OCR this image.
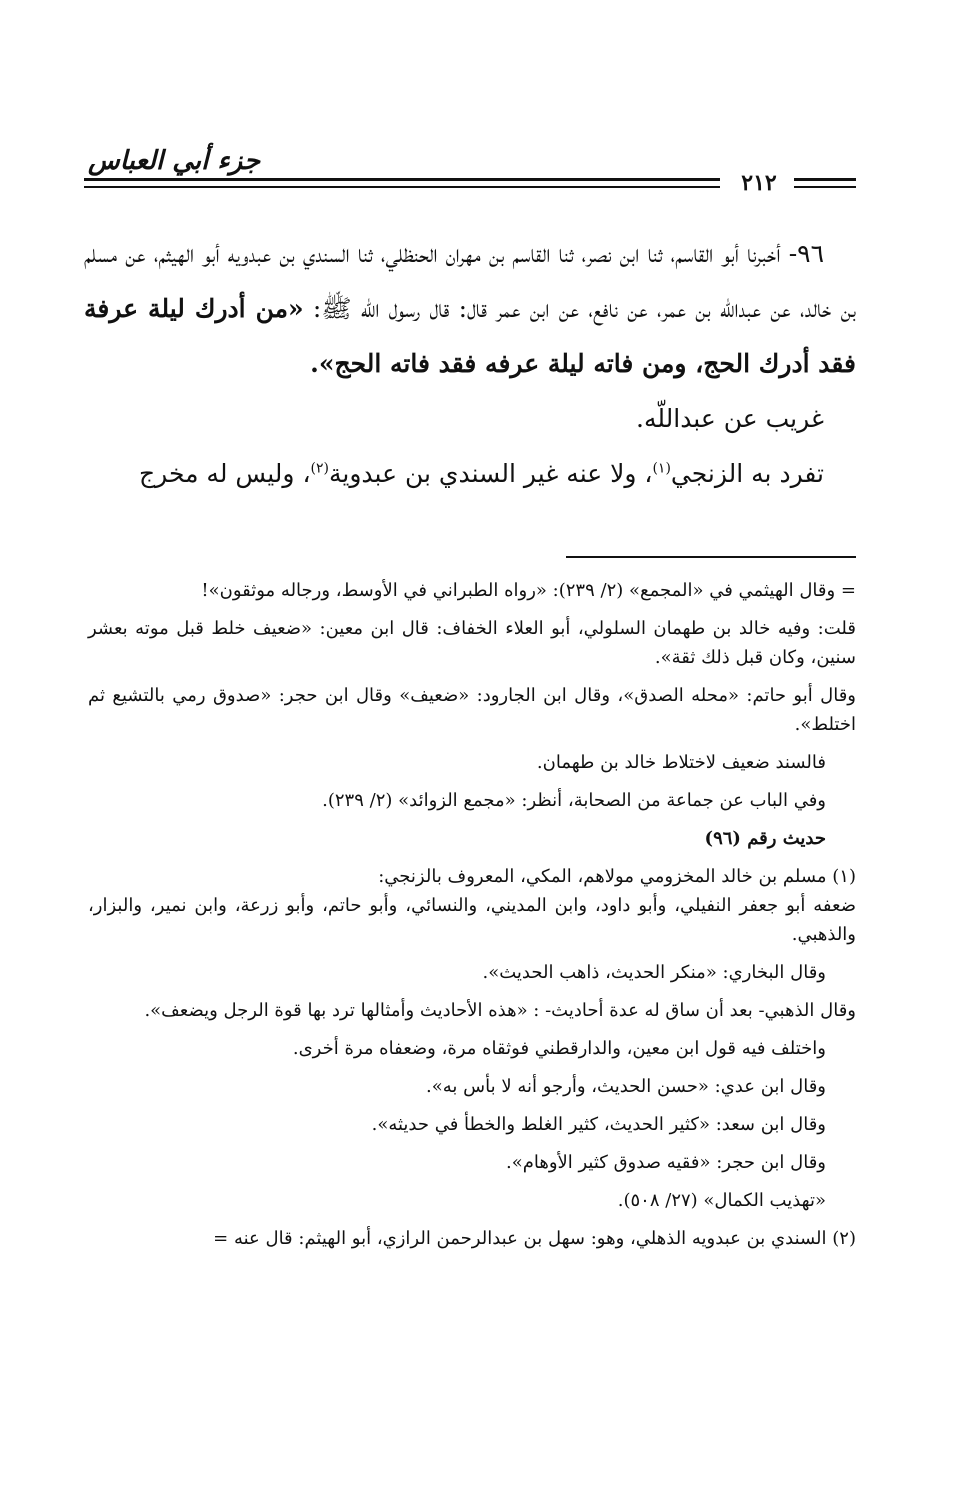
جزء أبي العباس
٢١٢

٩٦- أخبرنا أبو القاسم، ثنا ابن نصر، ثنا القاسم بن مهران الحنظلي، ثنا السندي بن عبدويه أبو الهيثم، عن مسلم بن خالد، عن عبداللّه بن عمر، عن نافع، عن ابن عمر قال: قال رسول اللّه ﷺ: «من أدرك ليلة عرفة فقد أدرك الحج، ومن فاته ليلة عرفه فقد فاته الحج».

غريب عن عبداللّه.

تفرد به الزنجي$^{(١)}$، ولا عنه غير السندي بن عبدوية$^{(٢)}$، وليس له مخرج

= وقال الهيثمي في «المجمع» (٢/ ٢٣٩): «رواه الطبراني في الأوسط، ورجاله موثقون»!

قلت: وفيه خالد بن طهمان السلولي، أبو العلاء الخفاف: قال ابن معين: «ضعيف خلط قبل موته بعشر سنين، وكان قبل ذلك ثقة».

وقال أبو حاتم: «محله الصدق»، وقال ابن الجارود: «ضعيف» وقال ابن حجر: «صدوق رمي بالتشيع ثم اختلط».

فالسند ضعيف لاختلاط خالد بن طهمان.

وفي الباب عن جماعة من الصحابة، أنظر: «مجمع الزوائد» (٢/ ٢٣٩).

حديث رقم (٩٦)

(١) مسلم بن خالد المخزومي مولاهم، المكي، المعروف بالزنجي:

ضعفه أبو جعفر النفيلي، وأبو داود، وابن المديني، والنسائي، وأبو حاتم، وأبو زرعة، وابن نمير، والبزار، والذهبي.

وقال البخاري: «منكر الحديث، ذاهب الحديث».

وقال الذهبي- بعد أن ساق له عدة أحاديث- : «هذه الأحاديث وأمثالها ترد بها قوة الرجل ويضعف».

واختلف فيه قول ابن معين، والدارقطني فوثقاه مرة، وضعفاه مرة أخرى.

وقال ابن عدي: «حسن الحديث، وأرجو أنه لا بأس به».

وقال ابن سعد: «كثير الحديث، كثير الغلط والخطأ في حديثه».

وقال ابن حجر: «فقيه صدوق كثير الأوهام».

«تهذيب الكمال» (٢٧/ ٥٠٨).

(٢) السندي بن عبدويه الذهلي، وهو: سهل بن عبدالرحمن الرازي، أبو الهيثم: قال عنه =
